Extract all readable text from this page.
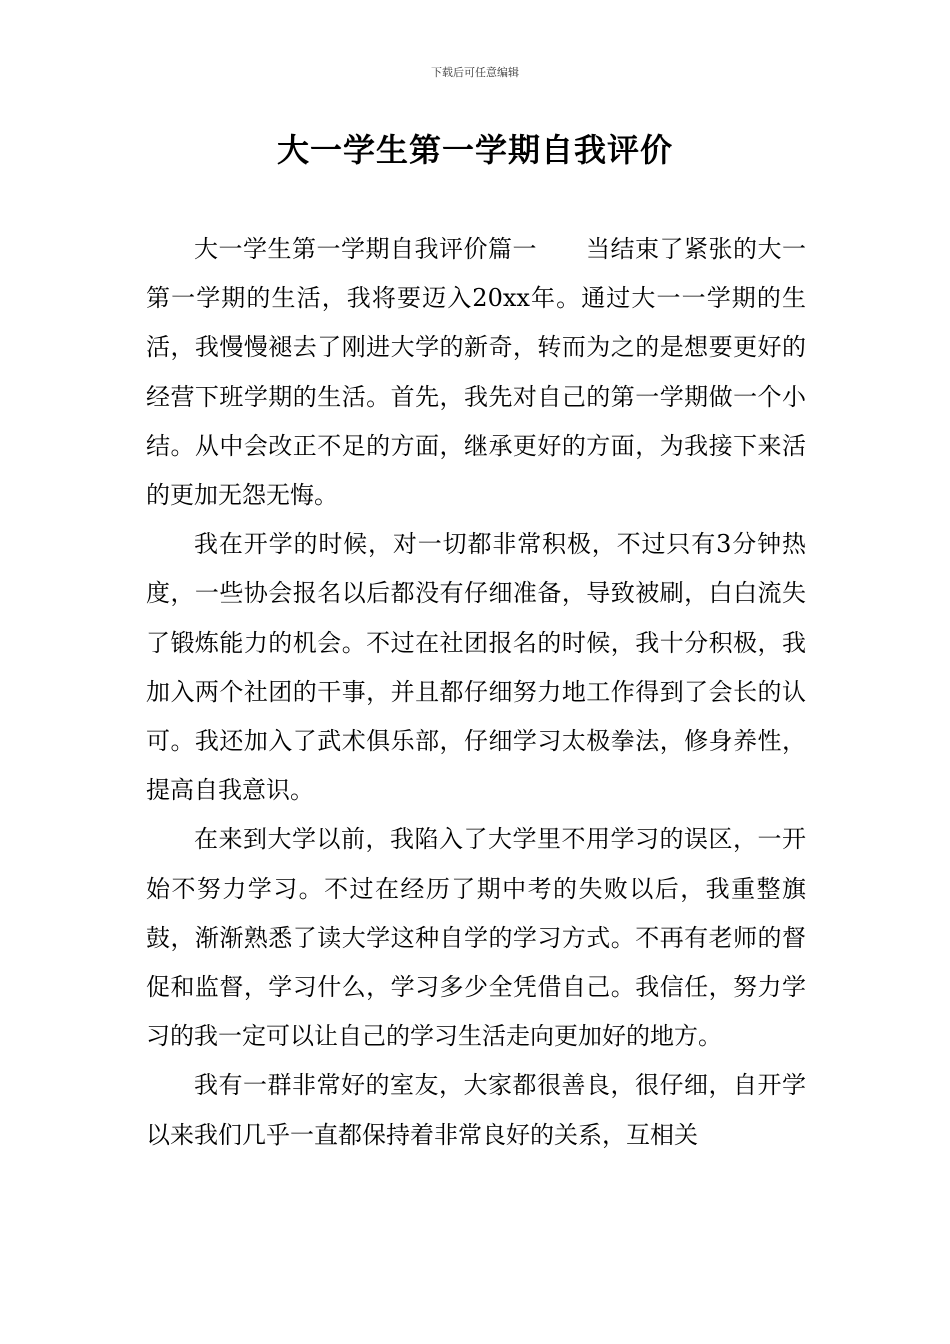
下载后可任意编辑
大一学生第一学期自我评价

大一学生第一学期自我评价篇一　　当结束了紧张的大一第一学期的生活，我将要迈入20xx年。通过大一一学期的生活，我慢慢褪去了刚进大学的新奇，转而为之的是想要更好的经营下班学期的生活。首先，我先对自己的第一学期做一个小结。从中会改正不足的方面，继承更好的方面，为我接下来活的更加无怨无悔。

我在开学的时候，对一切都非常积极，不过只有3分钟热度，一些协会报名以后都没有仔细准备，导致被刷，白白流失了锻炼能力的机会。不过在社团报名的时候，我十分积极，我加入两个社团的干事，并且都仔细努力地工作得到了会长的认可。我还加入了武术俱乐部，仔细学习太极拳法，修身养性，提高自我意识。

在来到大学以前，我陷入了大学里不用学习的误区，一开始不努力学习。不过在经历了期中考的失败以后，我重整旗鼓，渐渐熟悉了读大学这种自学的学习方式。不再有老师的督促和监督，学习什么，学习多少全凭借自己。我信任，努力学习的我一定可以让自己的学习生活走向更加好的地方。

我有一群非常好的室友，大家都很善良，很仔细，自开学以来我们几乎一直都保持着非常良好的关系，互相关
